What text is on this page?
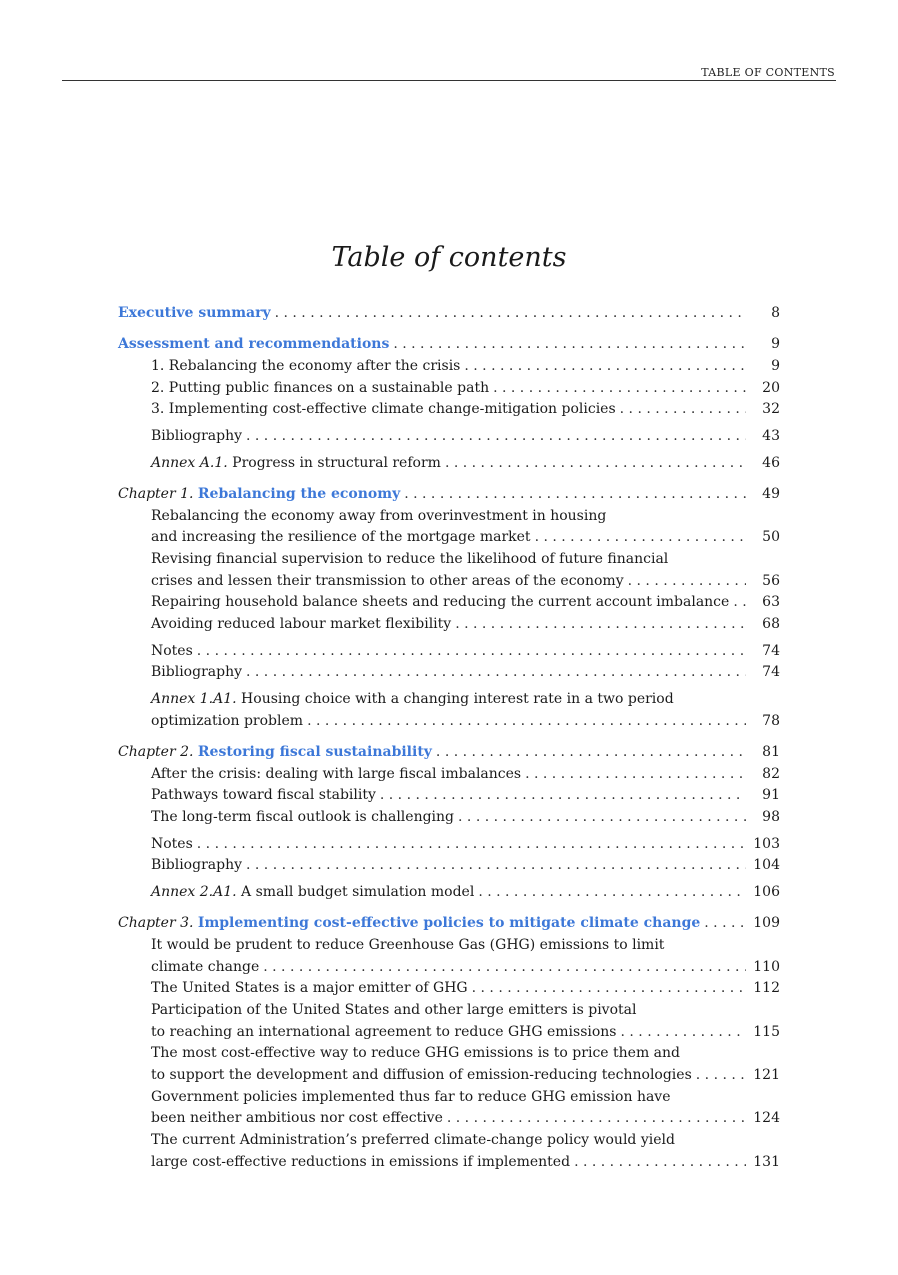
TABLE OF CONTENTS
Table of contents
Executive summary . . .	8
Assessment and recommendations . . .	9
1. Rebalancing the economy after the crisis . . .	9
2. Putting public finances on a sustainable path . . .	20
3. Implementing cost-effective climate change-mitigation policies . . .	32
Bibliography . . .	43
Annex A.1. Progress in structural reform . . .	46
Chapter 1. Rebalancing the economy . . .	49
Rebalancing the economy away from overinvestment in housing
and increasing the resilience of the mortgage market . . .	50
Revising financial supervision to reduce the likelihood of future financial
crises and lessen their transmission to other areas of the economy . . .	56
Repairing household balance sheets and reducing the current account imbalance . . .	63
Avoiding reduced labour market flexibility . . .	68
Notes . . .	74
Bibliography . . .	74
Annex 1.A1. Housing choice with a changing interest rate in a two period
optimization problem . . .	78
Chapter 2. Restoring fiscal sustainability . . .	81
After the crisis: dealing with large fiscal imbalances . . .	82
Pathways toward fiscal stability . . .	91
The long-term fiscal outlook is challenging . . .	98
Notes . . .	103
Bibliography . . .	104
Annex 2.A1. A small budget simulation model . . .	106
Chapter 3. Implementing cost-effective policies to mitigate climate change . . .	109
It would be prudent to reduce Greenhouse Gas (GHG) emissions to limit
climate change . . .	110
The United States is a major emitter of GHG . . .	112
Participation of the United States and other large emitters is pivotal
to reaching an international agreement to reduce GHG emissions . . .	115
The most cost-effective way to reduce GHG emissions is to price them and
to support the development and diffusion of emission-reducing technologies . . .	121
Government policies implemented thus far to reduce GHG emission have
been neither ambitious nor cost effective . . .	124
The current Administration’s preferred climate-change policy would yield
large cost-effective reductions in emissions if implemented . . .	131
